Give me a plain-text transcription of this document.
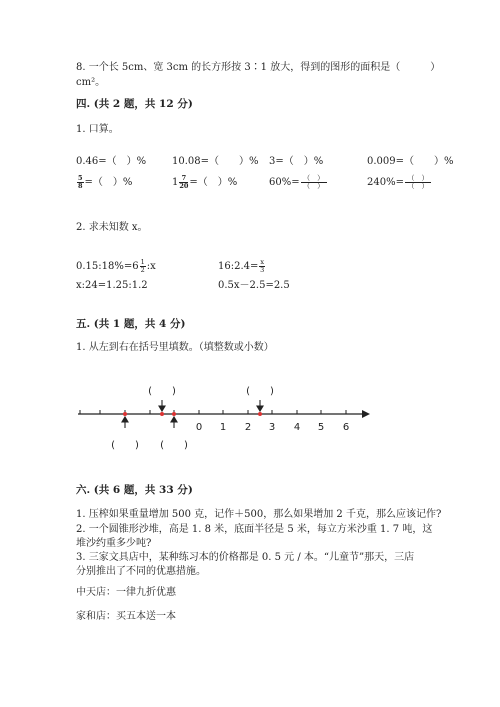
8. 一个长 5cm、宽 3cm 的长方形按 3∶1 放大，得到的图形的面积是（　　　）
cm²。
四. (共 2 题，共 12 分)
1. 口算。
0.46=（　）%	10.08=（　　）% 3=（　）%	0.009=（　　）%
$\frac{5}{8}$ =（　）%	$1 \frac{7}{20}$ =（　）%	$60\%= \frac{( )}{( )}$	$240\%= \frac{( )}{( )}$
2. 求未知数 x。
0.15:18%=6 $\frac{1}{2}$ :x	16:2.4= $\frac{x}{3}$
x:24=1.25:1.2	0.5x－2.5=2.5
五. (共 1 题，共 4 分)
1. 从左到右在括号里填数。（填整数或小数）
0 1 2 3 4 5 6
(　　)	(　　)
(　　) (　　)
六. (共 6 题，共 33 分)
1. 压榨如果重量增加 500 克，记作＋500，那么如果增加 2 千克，那么应该记作?
2. 一个圆锥形沙堆，高是 1. 8 米，底面半径是 5 米，每立方米沙重 1. 7 吨，这
堆沙约重多少吨?
3. 三家文具店中，某种练习本的价格都是 0. 5 元 / 本。“儿童节”那天，三店
分别推出了不同的优惠措施。
中天店：一律九折优惠
家和店：买五本送一本
